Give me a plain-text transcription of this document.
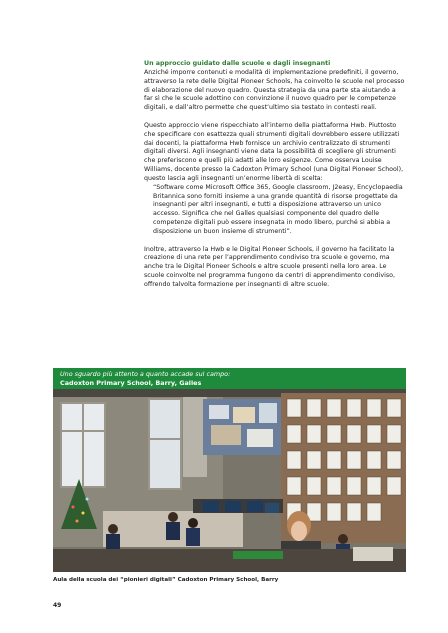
Un approccio guidato dalle scuole e dagli insegnanti
Anziché imporre contenuti e modalità di implementazione predefiniti, il governo, attraverso la rete delle Digital Pioneer Schools, ha coinvolto le scuole nel processo di elaborazione del nuovo quadro. Questa strategia da una parte sta aiutando a far sì che le scuole adottino con convinzione il nuovo quadro per le competenze digitali, e dall’altro permette che quest’ultimo sia testato in contesti reali.
Questo approccio viene rispecchiato all’interno della piattaforma Hwb. Piuttosto che specificare con esattezza quali strumenti digitali dovrebbero essere utilizzati dai docenti, la piattaforma Hwb fornisce un archivio centralizzato di strumenti digitali diversi. Agli insegnanti viene data la possibilità di scegliere gli strumenti che preferiscono e quelli più adatti alle loro esigenze. Come osserva Louise Williams, docente presso la Cadoxton Primary School (una Digital Pioneer School), questo lascia agli insegnanti un’enorme libertà di scelta:
“Software come Microsoft Office 365, Google classroom, J2easy, Encyclopaedia Britannica sono forniti insieme a una grande quantità di risorse progettate da insegnanti per altri insegnanti, e tutti a disposizione attraverso un unico accesso. Significa che nel Galles qualsiasi componente del quadro delle competenze digitali può essere insegnata in modo libero, purché si abbia a disposizione un buon insieme di strumenti”.
Inoltre, attraverso la Hwb e le Digital Pioneer Schools, il governo ha facilitato la creazione di una rete per l’apprendimento condiviso tra scuole e governo, ma anche tra le Digital Pioneer Schools e altre scuole presenti nella loro area. Le scuole coinvolte nel programma fungono da centri di apprendimento condiviso, offrendo talvolta formazione per insegnanti di altre scuole.
Uno sguardo più attento a quanto accade sul campo:
Cadoxton Primary School, Barry, Galles
Aula della scuola dei “pionieri digitali” Cadoxton Primary School, Barry
49
